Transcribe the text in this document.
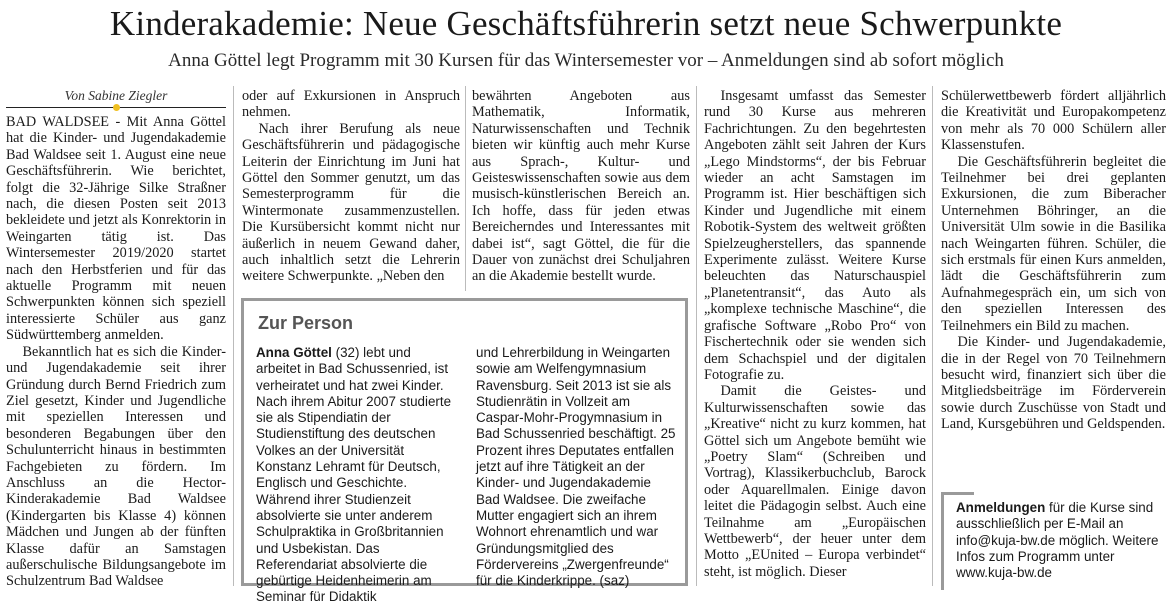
Kinderakademie: Neue Geschäftsführerin setzt neue Schwerpunkte
Anna Göttel legt Programm mit 30 Kursen für das Wintersemester vor – Anmeldungen sind ab sofort möglich
Von Sabine Ziegler

BAD WALDSEE - Mit Anna Göttel hat die Kinder- und Jugendakademie Bad Waldsee seit 1. August eine neue Geschäftsführerin. Wie berichtet, folgt die 32-Jährige Silke Straßner nach, die diesen Posten seit 2013 bekleidete und jetzt als Konrektorin in Weingarten tätig ist. Das Wintersemester 2019/2020 startet nach den Herbstferien und für das aktuelle Programm mit neuen Schwerpunkten können sich speziell interessierte Schüler aus ganz Südwürttemberg anmelden.

Bekanntlich hat es sich die Kinder- und Jugendakademie seit ihrer Gründung durch Bernd Friedrich zum Ziel gesetzt, Kinder und Jugendliche mit speziellen Interessen und besonderen Begabungen über den Schulunterricht hinaus in bestimmten Fachgebieten zu fördern. Im Anschluss an die Hector-Kinderakademie Bad Waldsee (Kindergarten bis Klasse 4) können Mädchen und Jungen ab der fünften Klasse dafür an Samstagen außerschulische Bildungsangebote im Schulzentrum Bad Waldsee

oder auf Exkursionen in Anspruch nehmen.

Nach ihrer Berufung als neue Geschäftsführerin und pädagogische Leiterin der Einrichtung im Juni hat Göttel den Sommer genutzt, um das Semesterprogramm für die Wintermonate zusammenzustellen. Die Kursübersicht kommt nicht nur äußerlich in neuem Gewand daher, auch inhaltlich setzt die Lehrerin weitere Schwerpunkte. „Neben den

bewährten Angeboten aus Mathematik, Informatik, Naturwissenschaften und Technik bieten wir künftig auch mehr Kurse aus Sprach-, Kultur- und Geisteswissenschaften sowie aus dem musisch-künstlerischen Bereich an. Ich hoffe, dass für jeden etwas Bereicherndes und Interessantes mit dabei ist“, sagt Göttel, die für die Dauer von zunächst drei Schuljahren an die Akademie bestellt wurde.

Insgesamt umfasst das Semester rund 30 Kurse aus mehreren Fachrichtungen. Zu den begehrtesten Angeboten zählt seit Jahren der Kurs „Lego Mindstorms“, der bis Februar wieder an acht Samstagen im Programm ist. Hier beschäftigen sich Kinder und Jugendliche mit einem Robotik-System des weltweit größten Spielzeugherstellers, das spannende Experimente zulässt. Weitere Kurse beleuchten das Naturschauspiel „Planetentransit“, das Auto als „komplexe technische Maschine“, die grafische Software „Robo Pro“ von Fischertechnik oder sie wenden sich dem Schachspiel und der digitalen Fotografie zu.

Damit die Geistes- und Kulturwissenschaften sowie das „Kreative“ nicht zu kurz kommen, hat Göttel sich um Angebote bemüht wie „Poetry Slam“ (Schreiben und Vortrag), Klassikerbuchclub, Barock oder Aquarellmalen. Einige davon leitet die Pädagogin selbst. Auch eine Teilnahme am „Europäischen Wettbewerb“, der heuer unter dem Motto „EUnited – Europa verbindet“ steht, ist möglich. Dieser

Schülerwettbewerb fördert alljährlich die Kreativität und Europakompetenz von mehr als 70 000 Schülern aller Klassenstufen.

Die Geschäftsführerin begleitet die Teilnehmer bei drei geplanten Exkursionen, die zum Biberacher Unternehmen Böhringer, an die Universität Ulm sowie in die Basilika nach Weingarten führen. Schüler, die sich erstmals für einen Kurs anmelden, lädt die Geschäftsführerin zum Aufnahmegespräch ein, um sich von den speziellen Interessen des Teilnehmers ein Bild zu machen.

Die Kinder- und Jugendakademie, die in der Regel von 70 Teilnehmern besucht wird, finanziert sich über die Mitgliedsbeiträge im Förderverein sowie durch Zuschüsse von Stadt und Land, Kursgebühren und Geldspenden.

Zur Person

Anna Göttel (32) lebt und arbeitet in Bad Schussenried, ist verheiratet und hat zwei Kinder. Nach ihrem Abitur 2007 studierte sie als Stipendiatin der Studienstiftung des deutschen Volkes an der Universität Konstanz Lehramt für Deutsch, Englisch und Geschichte. Während ihrer Studienzeit absolvierte sie unter anderem Schulpraktika in Großbritannien und Usbekistan. Das Referendariat absolvierte die gebürtige Heidenheimerin am Seminar für Didaktik

und Lehrerbildung in Weingarten sowie am Welfengymnasium Ravensburg. Seit 2013 ist sie als Studienrätin in Vollzeit am Caspar-Mohr-Progymnasium in Bad Schussenried beschäftigt. 25 Prozent ihres Deputates entfallen jetzt auf ihre Tätigkeit an der Kinder- und Jugendakademie Bad Waldsee. Die zweifache Mutter engagiert sich an ihrem Wohnort ehrenamtlich und war Gründungsmitglied des Fördervereins „Zwergenfreunde“ für die Kinderkrippe. (saz)

Anmeldungen für die Kurse sind ausschließlich per E-Mail an info@kuja-bw.de möglich. Weitere Infos zum Programm unter www.kuja-bw.de
